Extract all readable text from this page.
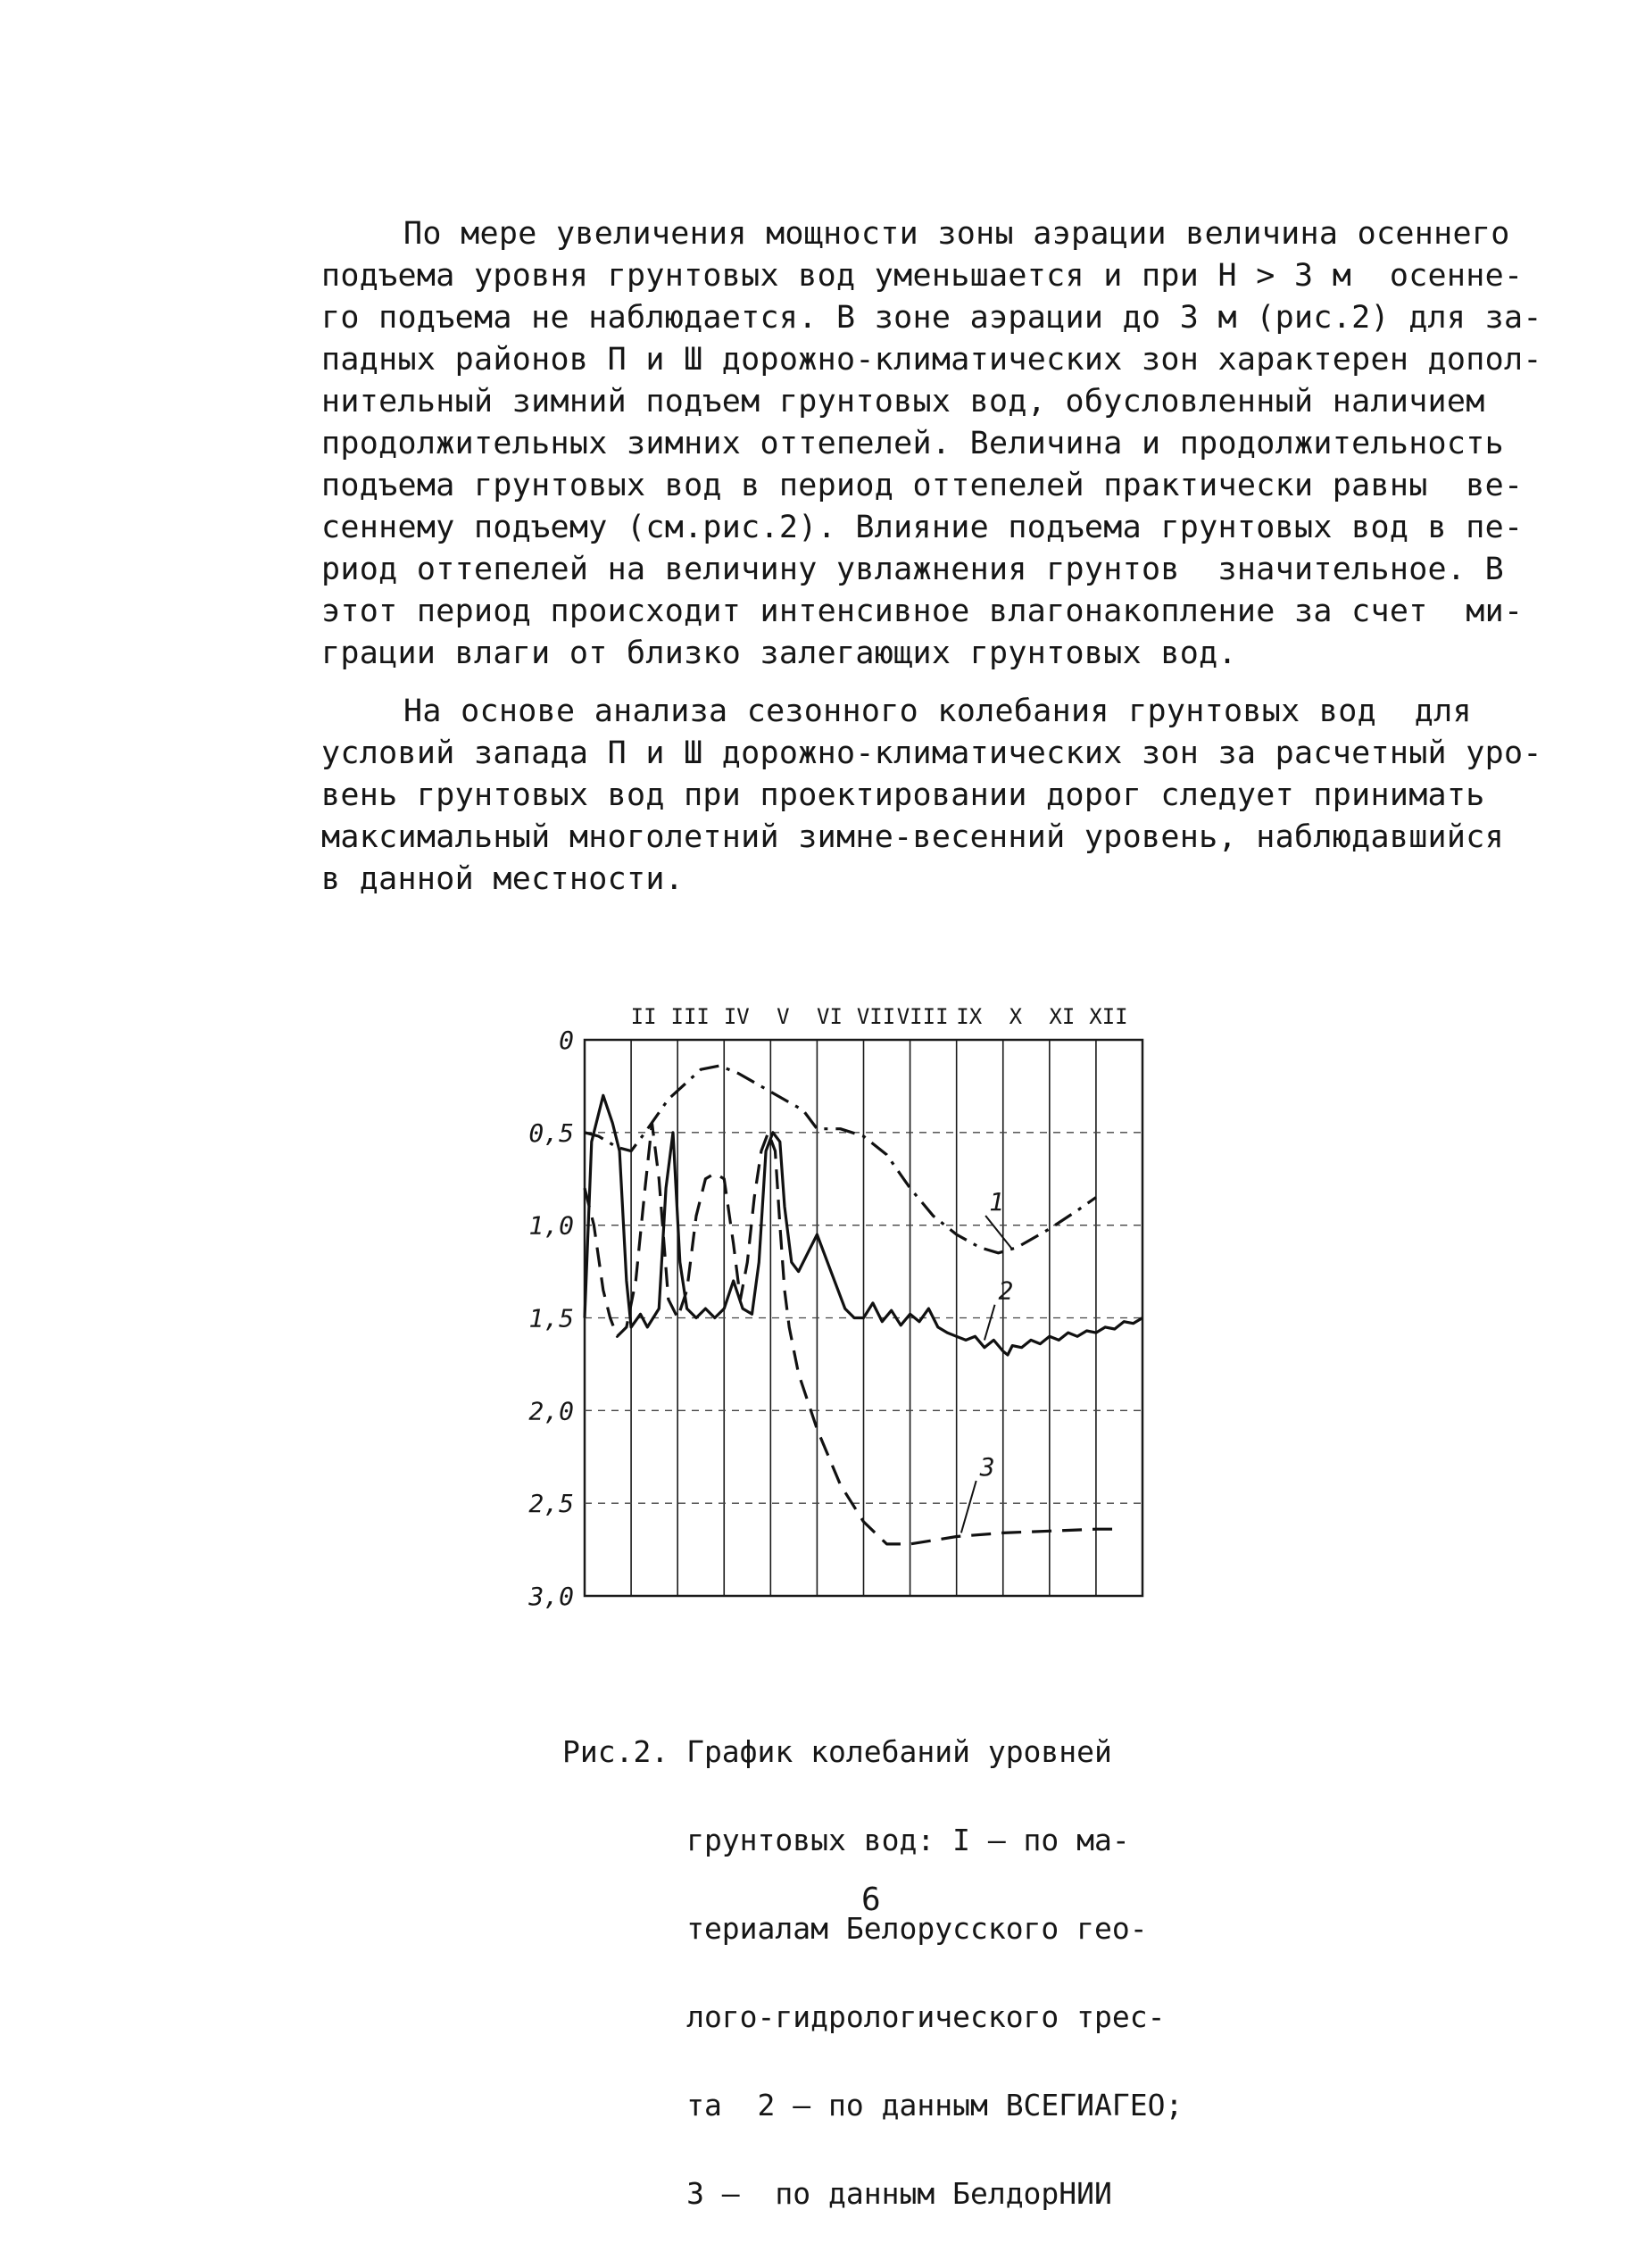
По мере увеличения мощности зоны аэрации величина осеннего
подъема уровня грунтовых вод уменьшается и при Н > 3 м  осенне-
го подъема не наблюдается. В зоне аэрации до 3 м (рис.2) для за-
падных районов П и Ш дорожно-климатических зон характерен допол-
нительный зимний подъем грунтовых вод, обусловленный наличием
продолжительных зимних оттепелей. Величина и продолжительность
подъема грунтовых вод в период оттепелей практически равны  ве-
сеннему подъему (см.рис.2). Влияние подъема грунтовых вод в пе-
риод оттепелей на величину увлажнения грунтов  значительное. В
этот период происходит интенсивное влагонакопление за счет  ми-
грации влаги от близко залегающих грунтовых вод.
На основе анализа сезонного колебания грунтовых вод  для
условий запада П и Ш дорожно-климатических зон за расчетный уро-
вень грунтовых вод при проектировании дорог следует принимать
максимальный многолетний зимне-весенний уровень, наблюдавшийся
в данной местности.
0
0,5
1,0
1,5
2,0
2,5
3,0
II III IV V VI VII VIII IX X XI XII
1
2
3

Рис.2. График колебаний уровней

грунтовых вод: I — по ма-

териалам Белорусского гео-

лого-гидрологического трес-

та  2 — по данным ВСЕГИАГЕО;

3 —  по данным БелдорНИИ

6
